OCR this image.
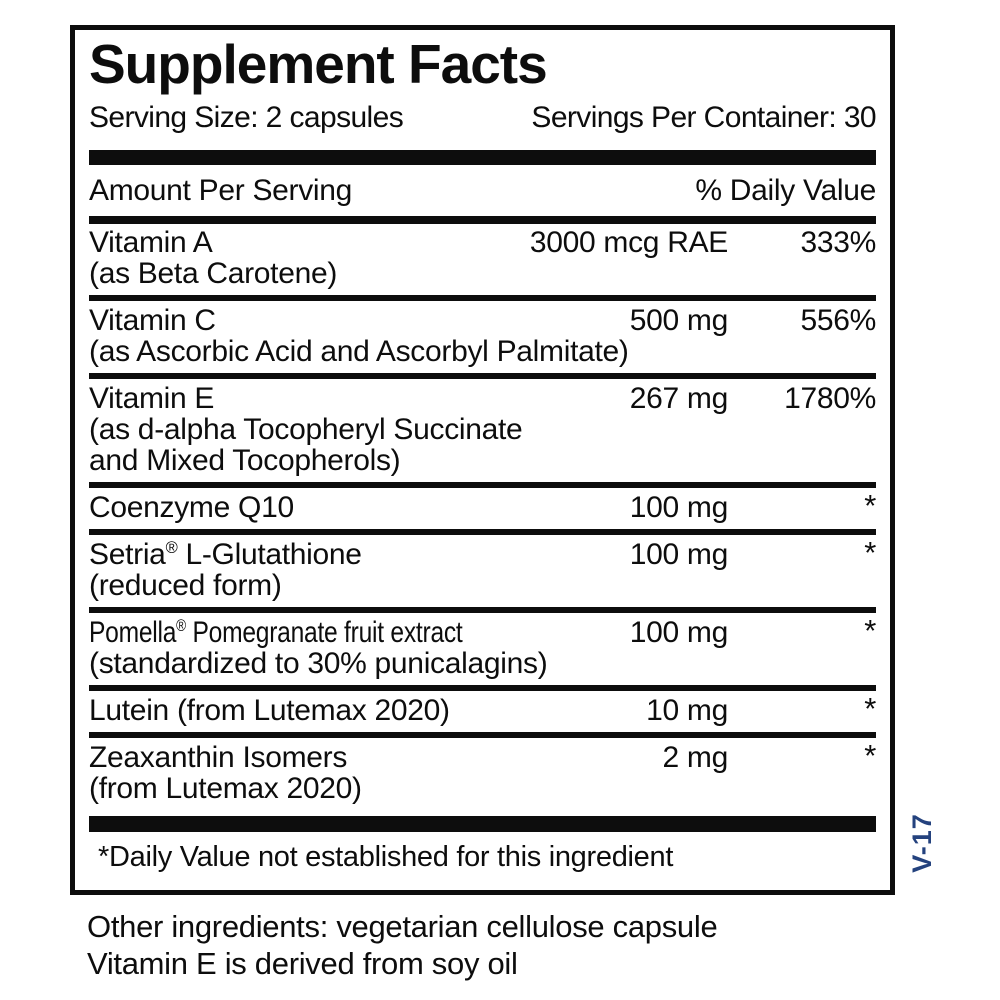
Supplement Facts
Serving Size: 2 capsules	Servings Per Container: 30
Amount Per Serving	% Daily Value
Vitamin A	3000 mcg RAE	333%
(as Beta Carotene)
Vitamin C	500 mg	556%
(as Ascorbic Acid and Ascorbyl Palmitate)
Vitamin E	267 mg	1780%
(as d-alpha Tocopheryl Succinate
and Mixed Tocopherols)
Coenzyme Q10	100 mg	*
Setria® L-Glutathione	100 mg	*
(reduced form)
Pomella® Pomegranate fruit extract	100 mg	*
(standardized to 30% punicalagins)
Lutein (from Lutemax 2020)	10 mg	*
Zeaxanthin Isomers	2 mg	*
(from Lutemax 2020)
*Daily Value not established for this ingredient
Other ingredients: vegetarian cellulose capsule
Vitamin E is derived from soy oil
V-17
